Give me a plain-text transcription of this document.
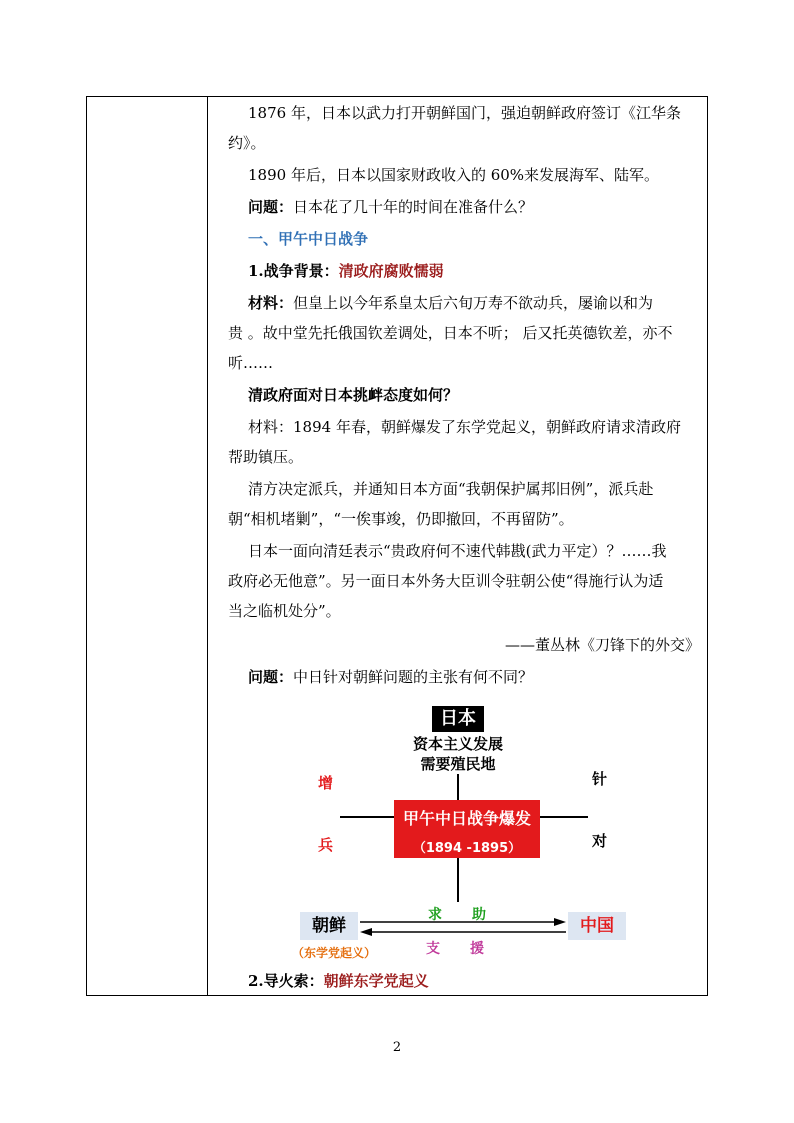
1876 年，日本以武力打开朝鲜国门，强迫朝鲜政府签订《江华条
约》。
1890 年后，日本以国家财政收入的 60%来发展海军、陆军。
问题：日本花了几十年的时间在准备什么？
一、甲午中日战争
1.战争背景：清政府腐败懦弱
材料：但皇上以今年系皇太后六旬万寿不欲动兵，屡谕以和为
贵 。故中堂先托俄国钦差调处，日本不听； 后又托英德钦差，亦不
听……
清政府面对日本挑衅态度如何？
材料：1894 年春，朝鲜爆发了东学党起义，朝鲜政府请求清政府
帮助镇压。
清方决定派兵，并通知日本方面“我朝保护属邦旧例”，派兵赴
朝“相机堵剿”，“一俟事竣，仍即撤回，不再留防”。
日本一面向清廷表示“贵政府何不速代韩戡(武力平定）？……我
政府必无他意”。另一面日本外务大臣训令驻朝公使“得施行认为适
当之临机处分”。
——董丛林《刀锋下的外交》
问题：中日针对朝鲜问题的主张有何不同？
2.导火索：朝鲜东学党起义
日本
资本主义发展
需要殖民地
甲午中日战争爆发
（1894 -1895）
增
兵
针
对
朝鲜
（东学党起义）
中国
求 助
支 援
2
